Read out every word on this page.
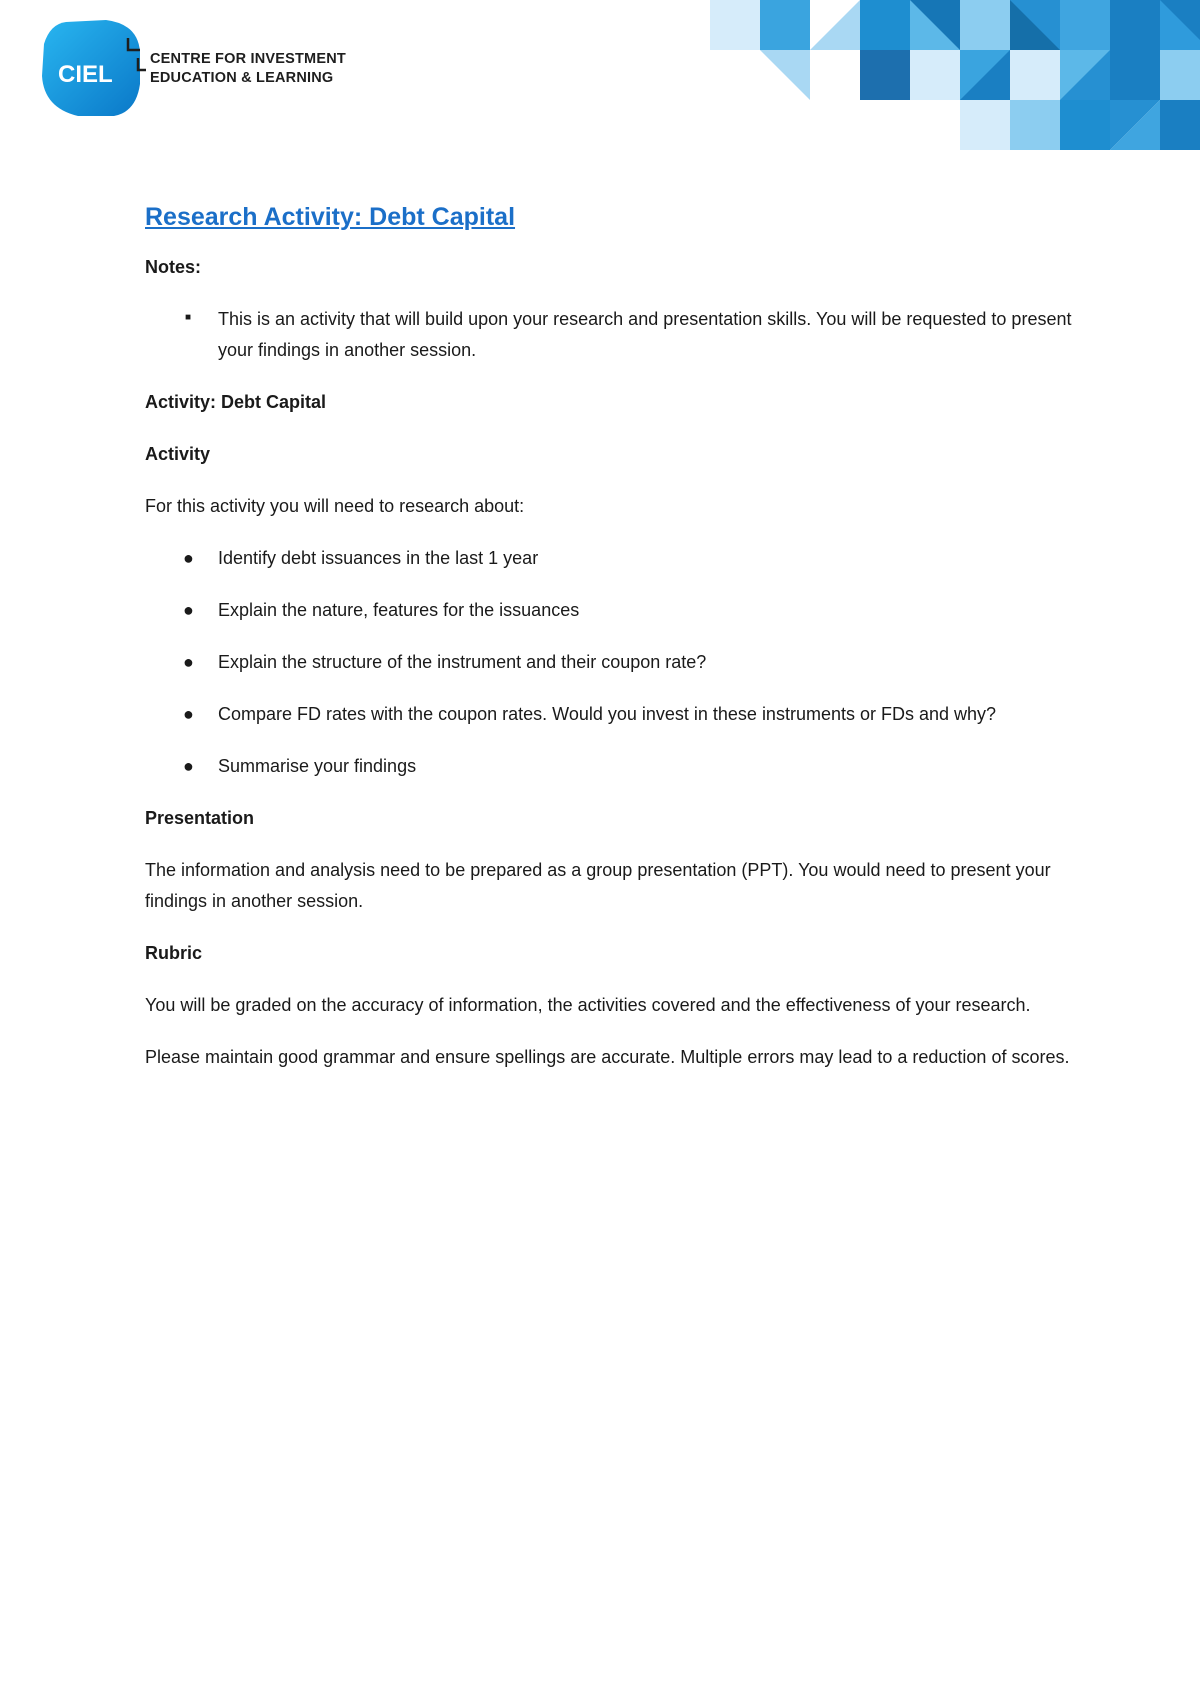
CIEL
CENTRE FOR INVESTMENT
EDUCATION & LEARNING
Research Activity: Debt Capital
Notes:
■ This is an activity that will build upon your research and presentation skills. You will be requested to present your findings in another session.
Activity: Debt Capital
Activity

For this activity you will need to research about:

● Identify debt issuances in the last 1 year
● Explain the nature, features for the issuances
● Explain the structure of the instrument and their coupon rate?
● Compare FD rates with the coupon rates. Would you invest in these instruments or FDs and why?
● Summarise your findings
Presentation

The information and analysis need to be prepared as a group presentation (PPT). You would need to present your findings in another session.

Rubric

You will be graded on the accuracy of information, the activities covered and the effectiveness of your research.

Please maintain good grammar and ensure spellings are accurate. Multiple errors may lead to a reduction of scores.
